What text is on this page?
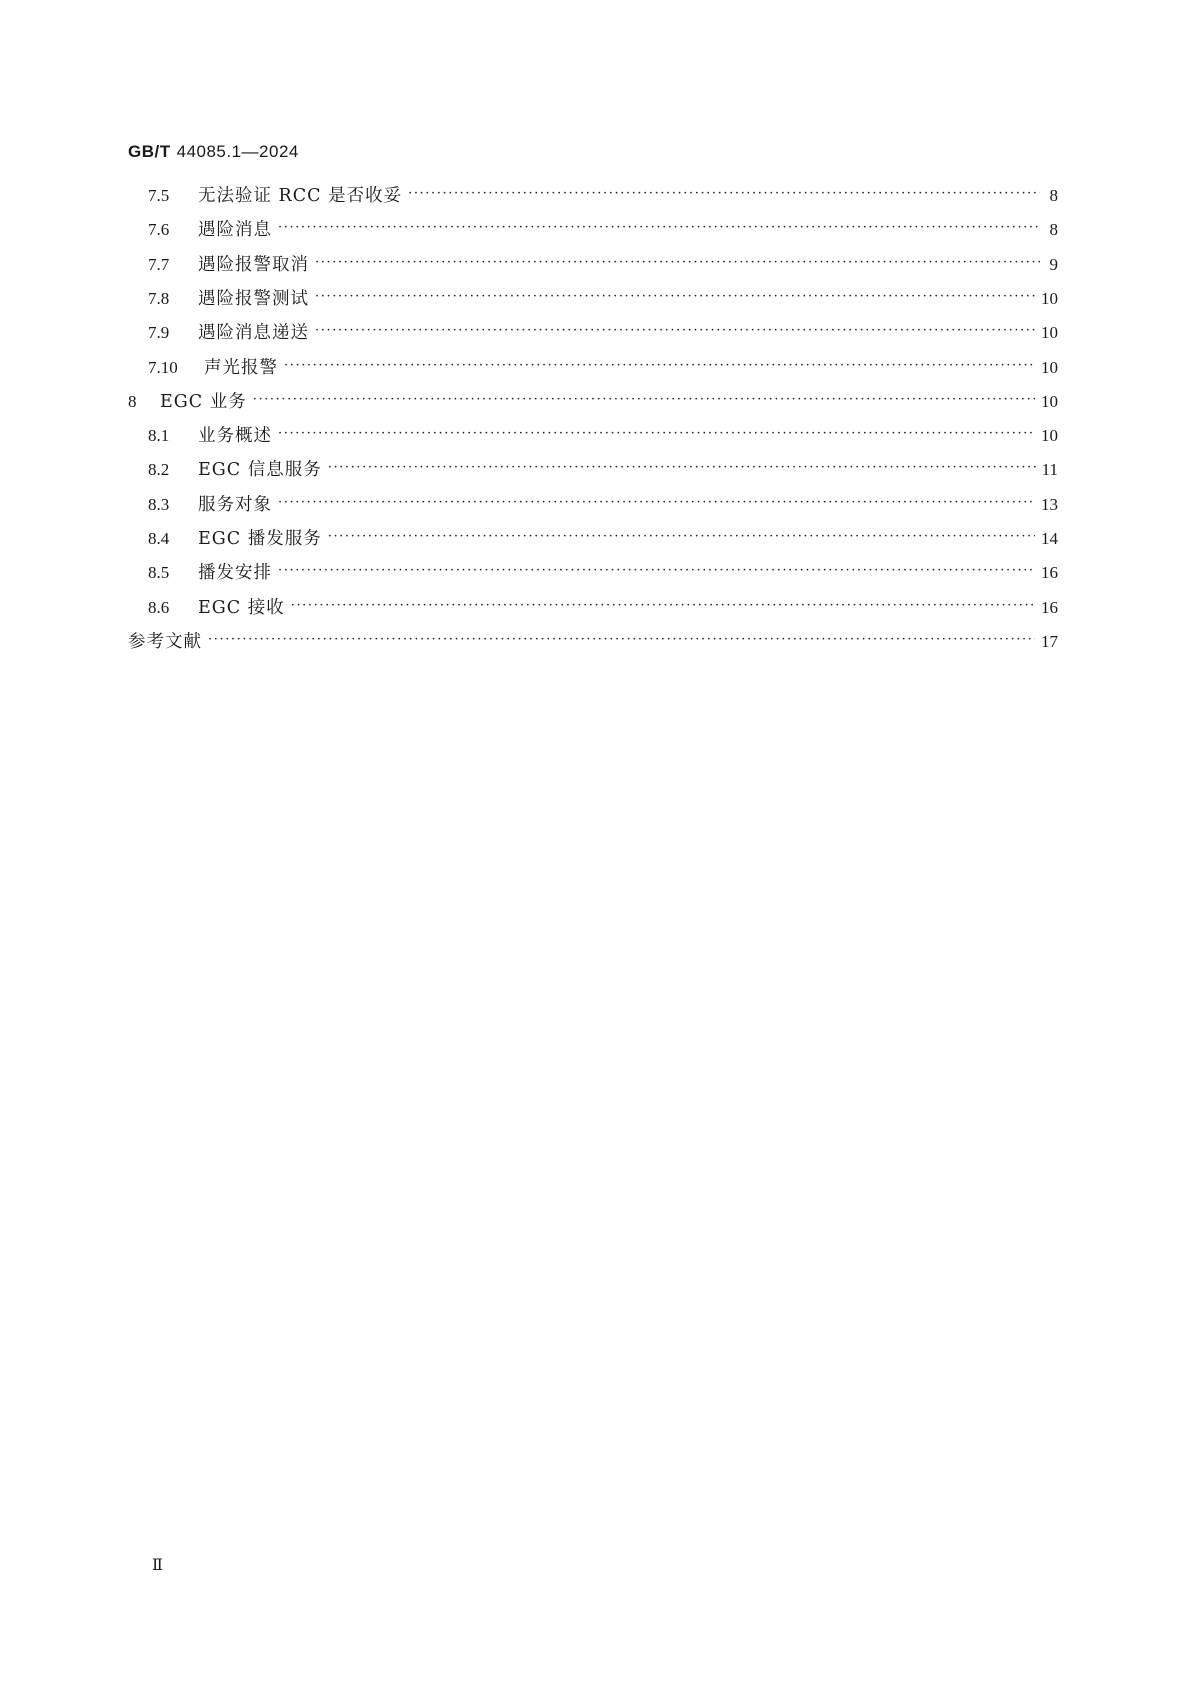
GB/T 44085.1—2024
7.5	无法验证 RCC 是否收妥 ·····	8
7.6	遇险消息 ·····	8
7.7	遇险报警取消 ·····	9
7.8	遇险报警测试 ·····	10
7.9	遇险消息递送 ·····	10
7.10	声光报警 ·····	10
8	EGC 业务 ·····	10
8.1	业务概述 ·····	10
8.2	EGC 信息服务 ·····	11
8.3	服务对象 ·····	13
8.4	EGC 播发服务 ·····	14
8.5	播发安排 ·····	16
8.6	EGC 接收 ·····	16
参考文献 ·····	17
Ⅱ
